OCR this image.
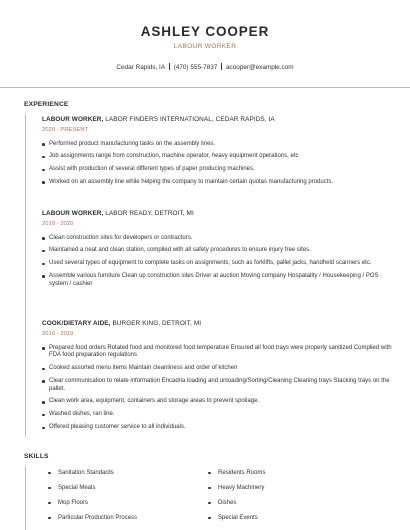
ASHLEY COOPER
LABOUR WORKER
Cedar Rapids, IA (470) 555-7837 acooper@example.com
EXPERIENCE
LABOUR WORKER, LABOR FINDERS INTERNATIONAL, CEDAR RAPIDS, IA
2020 - PRESENT
Performed product manufacturing tasks on the assembly lines.
Job assignments range from construction, machine operator, heavy equipment operations, etc
Assist with production of several different types of paper producing machines.
Worked on an assembly line while helping the company to maintain certain quotas manufacturing products.
LABOUR WORKER, LABOR READY, DETROIT, MI
2019 - 2020
Clean construction sites for developers or contractors.
Maintained a neat and clean station, complied with all safety procedures to ensure injury free sites.
Used several types of equipment to complete tasks on assignments; such as forklifts, pallet jacks, handheld scanners etc.
Assemble various furniture Clean up construction sites Driver at auction Moving company Hospatality / Housekeeping / POS system / cashier
COOK/DIETARY AIDE, BURGER KING, DETROIT, MI
2016 - 2019
Prepared food orders Rotated food and monitored food temperature Ensured all food trays were properly sanitized Complied with FDA food preparation regulations
Cooked assorted menu items Maintain cleanliness and order of kitchen
Clear communication to relate information Encadria loading and unloading/Sorting/Cleaning Cleaning trays Stacking trays on the pallet.
Clean work area, equipment, containers and storage areas to prevent spoilage.
Washed dishes, ran line.
Offered pleasing customer service to all individuals.
SKILLS
Sanitation Standards
Special Meals
Mop Floors
Particular Production Process
Residents Rooms
Heavy Machinery
Dishes
Special Events
